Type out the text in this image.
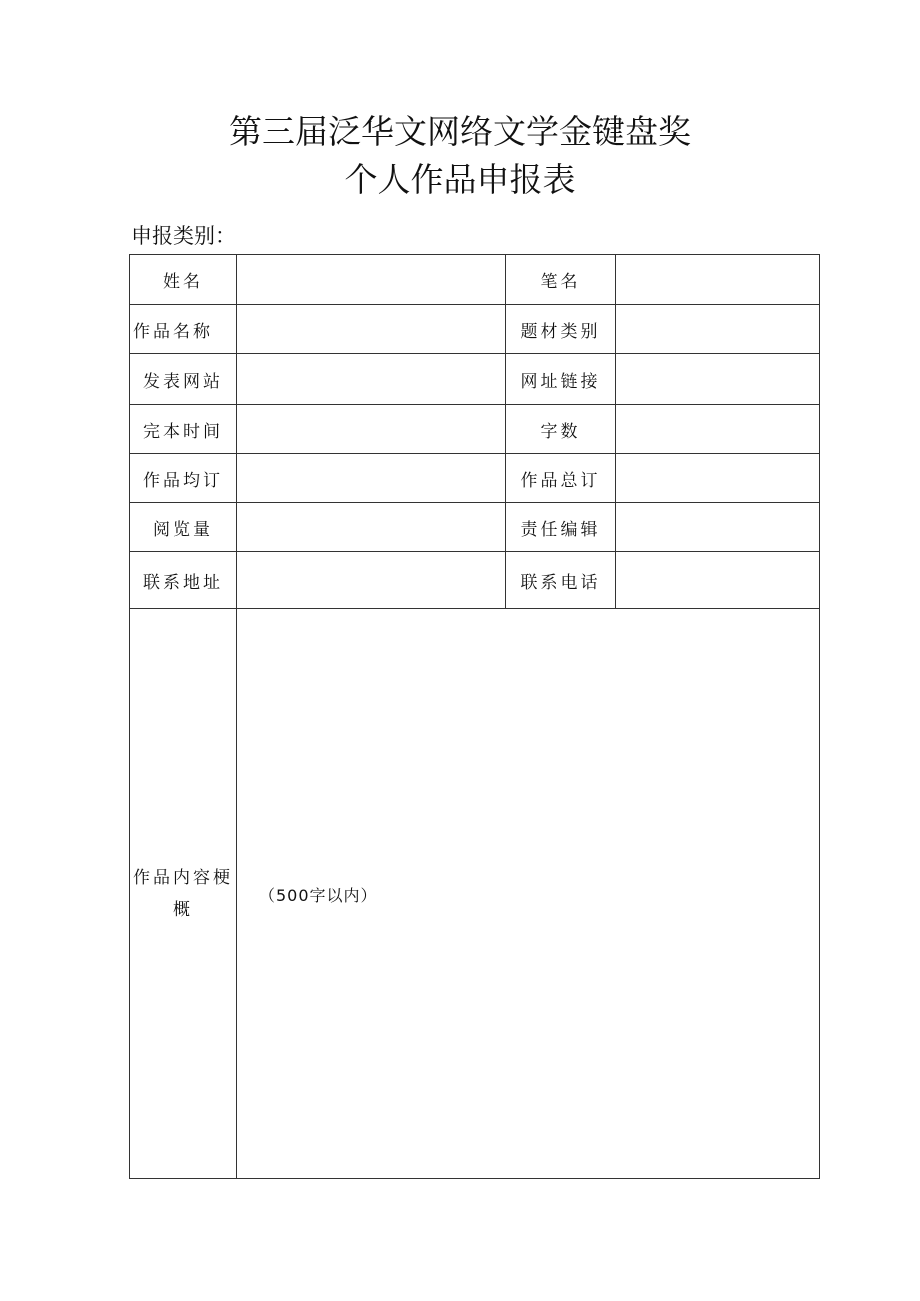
第三届泛华文网络文学金键盘奖
个人作品申报表
申报类别：
姓名		笔名	
作品名称		题材类别	
发表网站		网址链接	
完本时间		字数	
作品均订		作品总订	
阅览量		责任编辑	
联系地址		联系电话	

作品内容梗
概	（500字以内）		
